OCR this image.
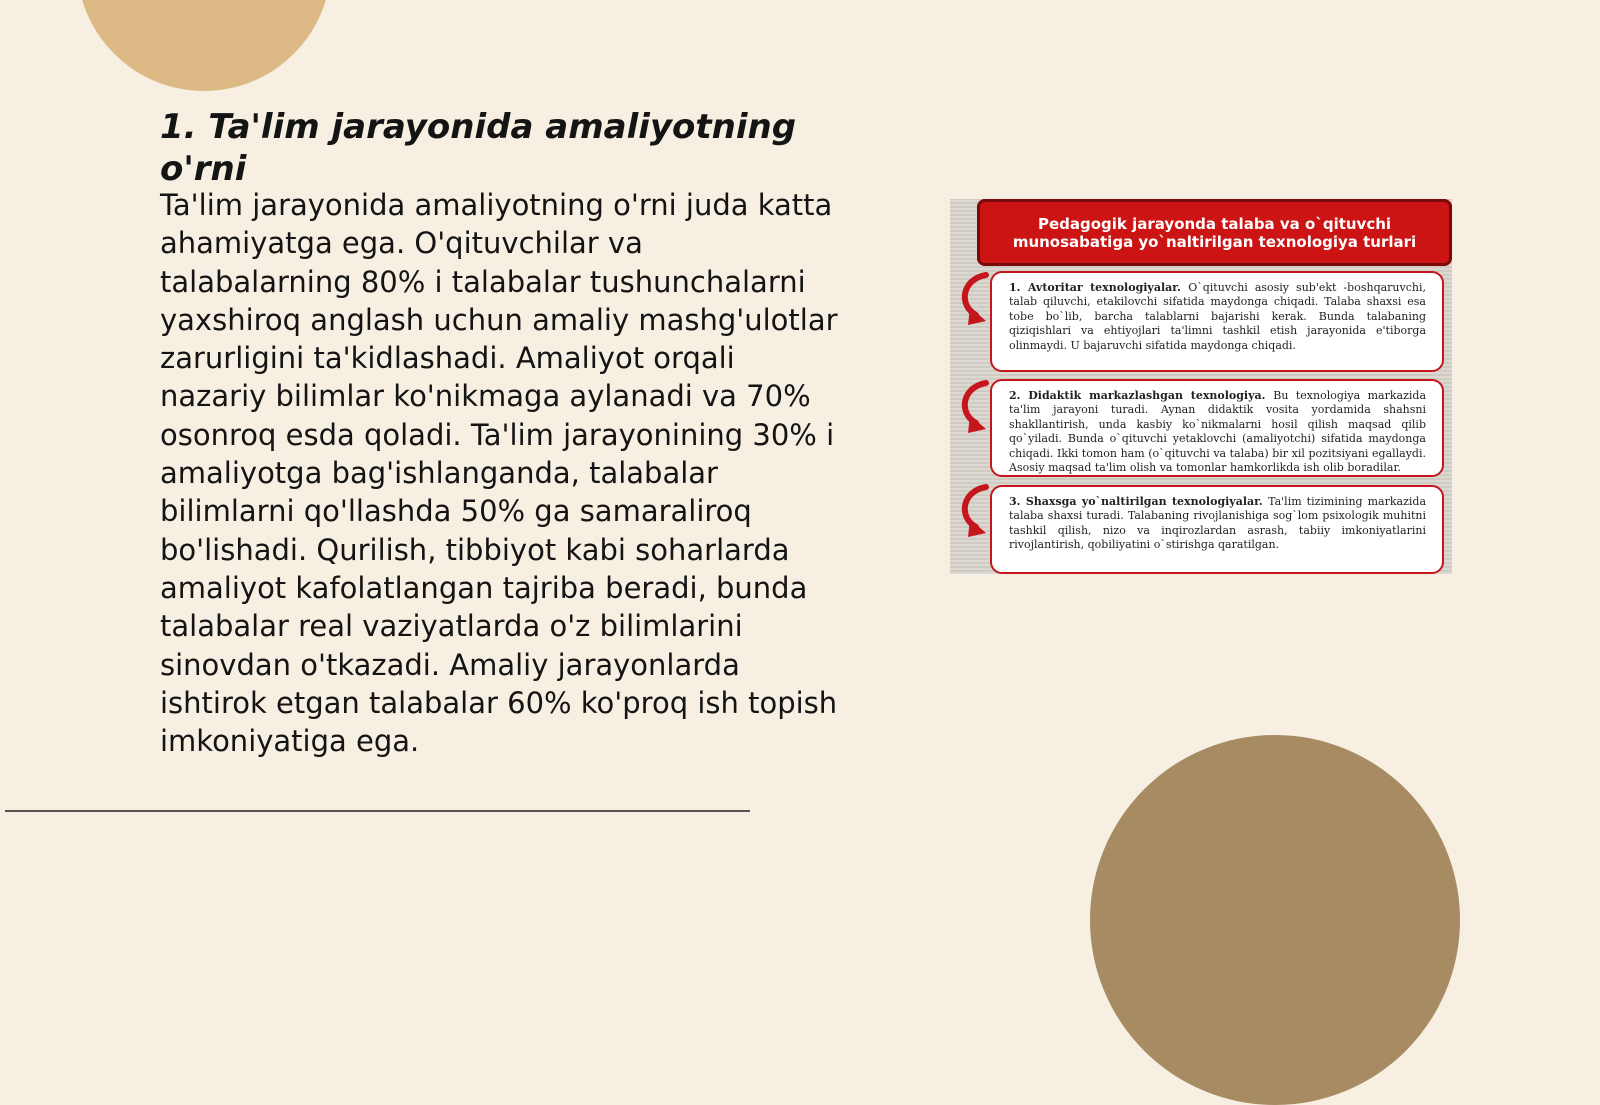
1. Ta'lim jarayonida amaliyotning o'rni

Ta'lim jarayonida amaliyotning o'rni juda katta ahamiyatga ega. O'qituvchilar va talabalarning 80% i talabalar tushunchalarni yaxshiroq anglash uchun amaliy mashg'ulotlar zarurligini ta'kidlashadi. Amaliyot orqali nazariy bilimlar ko'nikmaga aylanadi va 70% osonroq esda qoladi. Ta'lim jarayonining 30% i amaliyotga bag'ishlanganda, talabalar bilimlarni qo'llashda 50% ga samaraliroq bo'lishadi. Qurilish, tibbiyot kabi soharlarda amaliyot kafolatlangan tajriba beradi, bunda talabalar real vaziyatlarda o'z bilimlarini sinovdan o'tkazadi. Amaliy jarayonlarda ishtirok etgan talabalar 60% ko'proq ish topish imkoniyatiga ega.

Pedagogik jarayonda talaba va o`qituvchi munosabatiga yo`naltirilgan texnologiya turlari
1. Avtoritar texnologiyalar. O`qituvchi asosiy sub'ekt -boshqaruvchi, talab qiluvchi, etakilovchi sifatida maydonga chiqadi. Talaba shaxsi esa tobe bo`lib, barcha talablarni bajarishi kerak. Bunda talabaning qiziqishlari va ehtiyojlari ta'limni tashkil etish jarayonida e'tiborga olinmaydi. U bajaruvchi sifatida maydonga chiqadi.
2. Didaktik markazlashgan texnologiya. Bu texnologiya markazida ta'lim jarayoni turadi. Aynan didaktik vosita yordamida shahsni shakllantirish, unda kasbiy ko`nikmalarni hosil qilish maqsad qilib qo`yiladi. Bunda o`qituvchi yetaklovchi (amaliyotchi) sifatida maydonga chiqadi. Ikki tomon ham (o`qituvchi va talaba) bir xil pozitsiyani egallaydi. Asosiy maqsad ta'lim olish va tomonlar hamkorlikda ish olib boradilar.
3. Shaxsga yo`naltirilgan texnologiyalar. Ta'lim tizimining markazida talaba shaxsi turadi. Talabaning rivojlanishiga sog`lom psixologik muhitni tashkil qilish, nizo va inqirozlardan asrash, tabiiy imkoniyatlarini rivojlantirish, qobiliyatini o`stirishga qaratilgan.
